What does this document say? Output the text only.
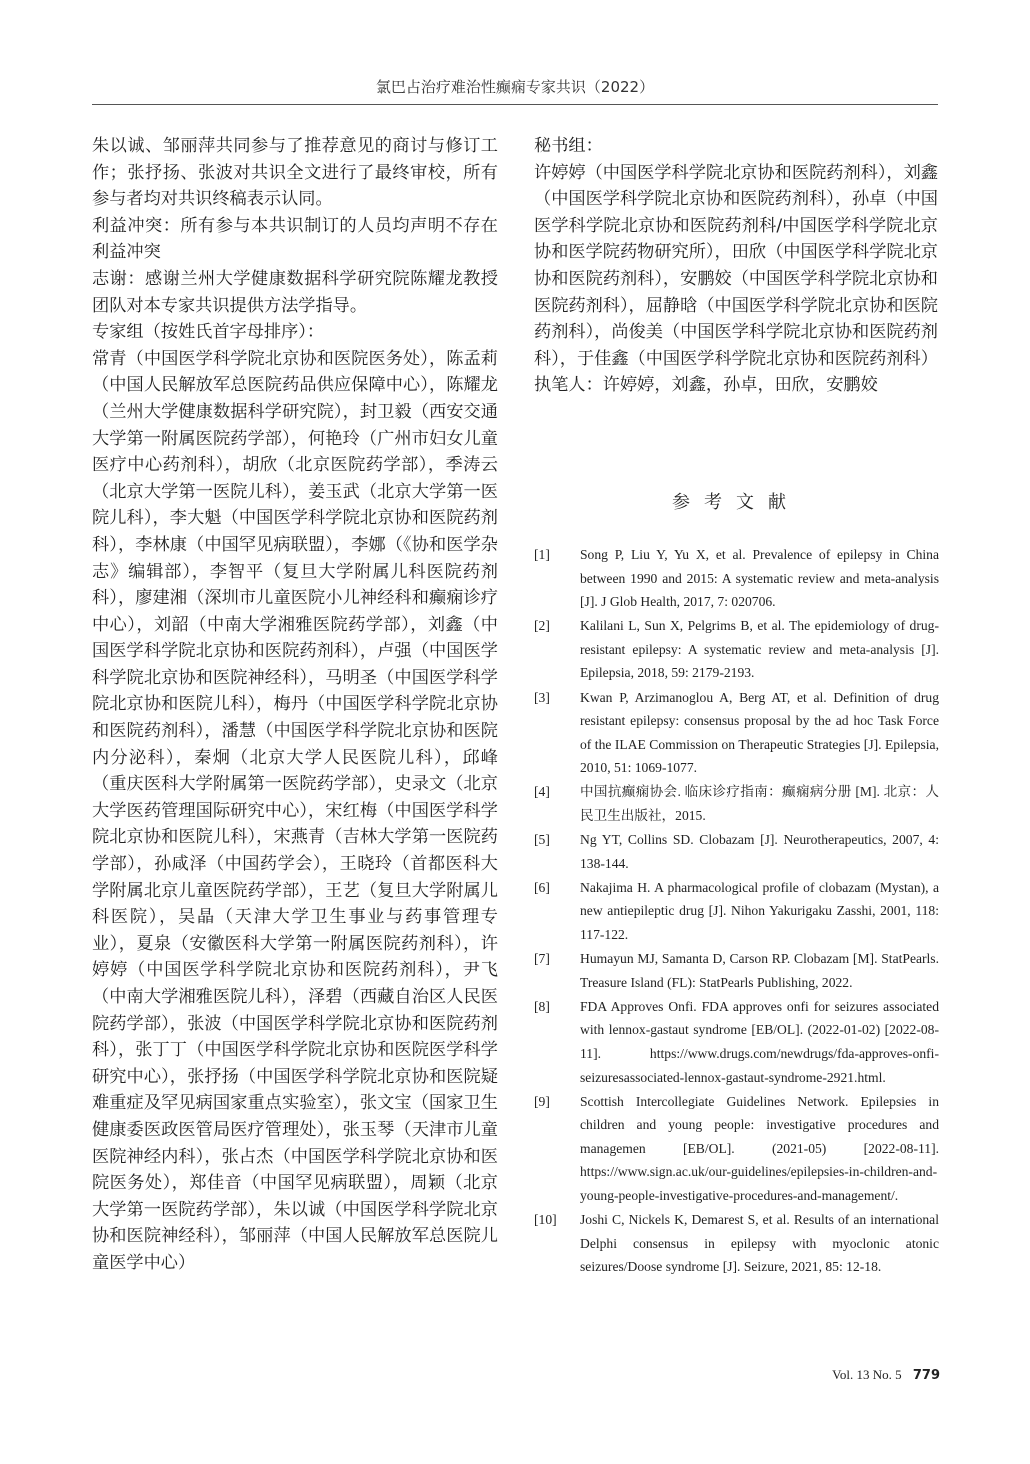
氯巴占治疗难治性癫痫专家共识（2022）

朱以诚、邹丽萍共同参与了推荐意见的商讨与修订工作；张抒扬、张波对共识全文进行了最终审校，所有参与者均对共识终稿表示认同。

利益冲突：所有参与本共识制订的人员均声明不存在利益冲突

志谢：感谢兰州大学健康数据科学研究院陈耀龙教授团队对本专家共识提供方法学指导。

专家组（按姓氏首字母排序）：

常青（中国医学科学院北京协和医院医务处），陈孟莉（中国人民解放军总医院药品供应保障中心），陈耀龙（兰州大学健康数据科学研究院），封卫毅（西安交通大学第一附属医院药学部），何艳玲（广州市妇女儿童医疗中心药剂科），胡欣（北京医院药学部），季涛云（北京大学第一医院儿科），姜玉武（北京大学第一医院儿科），李大魁（中国医学科学院北京协和医院药剂科），李林康（中国罕见病联盟），李娜（《协和医学杂志》编辑部），李智平（复旦大学附属儿科医院药剂科），廖建湘（深圳市儿童医院小儿神经科和癫痫诊疗中心），刘韶（中南大学湘雅医院药学部），刘鑫（中国医学科学院北京协和医院药剂科），卢强（中国医学科学院北京协和医院神经科），马明圣（中国医学科学院北京协和医院儿科），梅丹（中国医学科学院北京协和医院药剂科），潘慧（中国医学科学院北京协和医院内分泌科），秦炯（北京大学人民医院儿科），邱峰（重庆医科大学附属第一医院药学部），史录文（北京大学医药管理国际研究中心），宋红梅（中国医学科学院北京协和医院儿科），宋燕青（吉林大学第一医院药学部），孙咸泽（中国药学会），王晓玲（首都医科大学附属北京儿童医院药学部），王艺（复旦大学附属儿科医院），吴晶（天津大学卫生事业与药事管理专业），夏泉（安徽医科大学第一附属医院药剂科），许婷婷（中国医学科学院北京协和医院药剂科），尹飞（中南大学湘雅医院儿科），泽碧（西藏自治区人民医院药学部），张波（中国医学科学院北京协和医院药剂科），张丁丁（中国医学科学院北京协和医院医学科学研究中心），张抒扬（中国医学科学院北京协和医院疑难重症及罕见病国家重点实验室），张文宝（国家卫生健康委医政医管局医疗管理处），张玉琴（天津市儿童医院神经内科），张占杰（中国医学科学院北京协和医院医务处），郑佳音（中国罕见病联盟），周颖（北京大学第一医院药学部），朱以诚（中国医学科学院北京协和医院神经科），邹丽萍（中国人民解放军总医院儿童医学中心）

秘书组：

许婷婷（中国医学科学院北京协和医院药剂科），刘鑫（中国医学科学院北京协和医院药剂科），孙卓（中国医学科学院北京协和医院药剂科/中国医学科学院北京协和医学院药物研究所），田欣（中国医学科学院北京协和医院药剂科），安鹏姣（中国医学科学院北京协和医院药剂科），屈静晗（中国医学科学院北京协和医院药剂科），尚俊美（中国医学科学院北京协和医院药剂科），于佳鑫（中国医学科学院北京协和医院药剂科）

执笔人：许婷婷，刘鑫，孙卓，田欣，安鹏姣

参考文献
[1]	Song P, Liu Y, Yu X, et al. Prevalence of epilepsy in China between 1990 and 2015: A systematic review and meta-analysis [J]. J Glob Health, 2017, 7: 020706.
[2]	Kalilani L, Sun X, Pelgrims B, et al. The epidemiology of drug-resistant epilepsy: A systematic review and meta-analysis [J]. Epilepsia, 2018, 59: 2179-2193.
[3]	Kwan P, Arzimanoglou A, Berg AT, et al. Definition of drug resistant epilepsy: consensus proposal by the ad hoc Task Force of the ILAE Commission on Therapeutic Strategies [J]. Epilepsia, 2010, 51: 1069-1077.
[4]	中国抗癫痫协会. 临床诊疗指南：癫痫病分册 [M]. 北京：人民卫生出版社，2015.
[5]	Ng YT, Collins SD. Clobazam [J]. Neurotherapeutics, 2007, 4: 138-144.
[6]	Nakajima H. A pharmacological profile of clobazam (Mystan), a new antiepileptic drug [J]. Nihon Yakurigaku Zasshi, 2001, 118: 117-122.
[7]	Humayun MJ, Samanta D, Carson RP. Clobazam [M]. StatPearls. Treasure Island (FL): StatPearls Publishing, 2022.
[8]	FDA Approves Onfi. FDA approves onfi for seizures associated with lennox-gastaut syndrome [EB/OL]. (2022-01-02) [2022-08-11]. https://www.drugs.com/newdrugs/fda-approves-onfi-seizuresassociated-lennox-gastaut-syndrome-2921.html.
[9]	Scottish Intercollegiate Guidelines Network. Epilepsies in children and young people: investigative procedures and managemen [EB/OL]. (2021-05) [2022-08-11]. https://www.sign.ac.uk/our-guidelines/epilepsies-in-children-and-young-people-investigative-procedures-and-management/.
[10]	Joshi C, Nickels K, Demarest S, et al. Results of an international Delphi consensus in epilepsy with myoclonic atonic seizures/Doose syndrome [J]. Seizure, 2021, 85: 12-18.
Vol. 13 No. 5 779
